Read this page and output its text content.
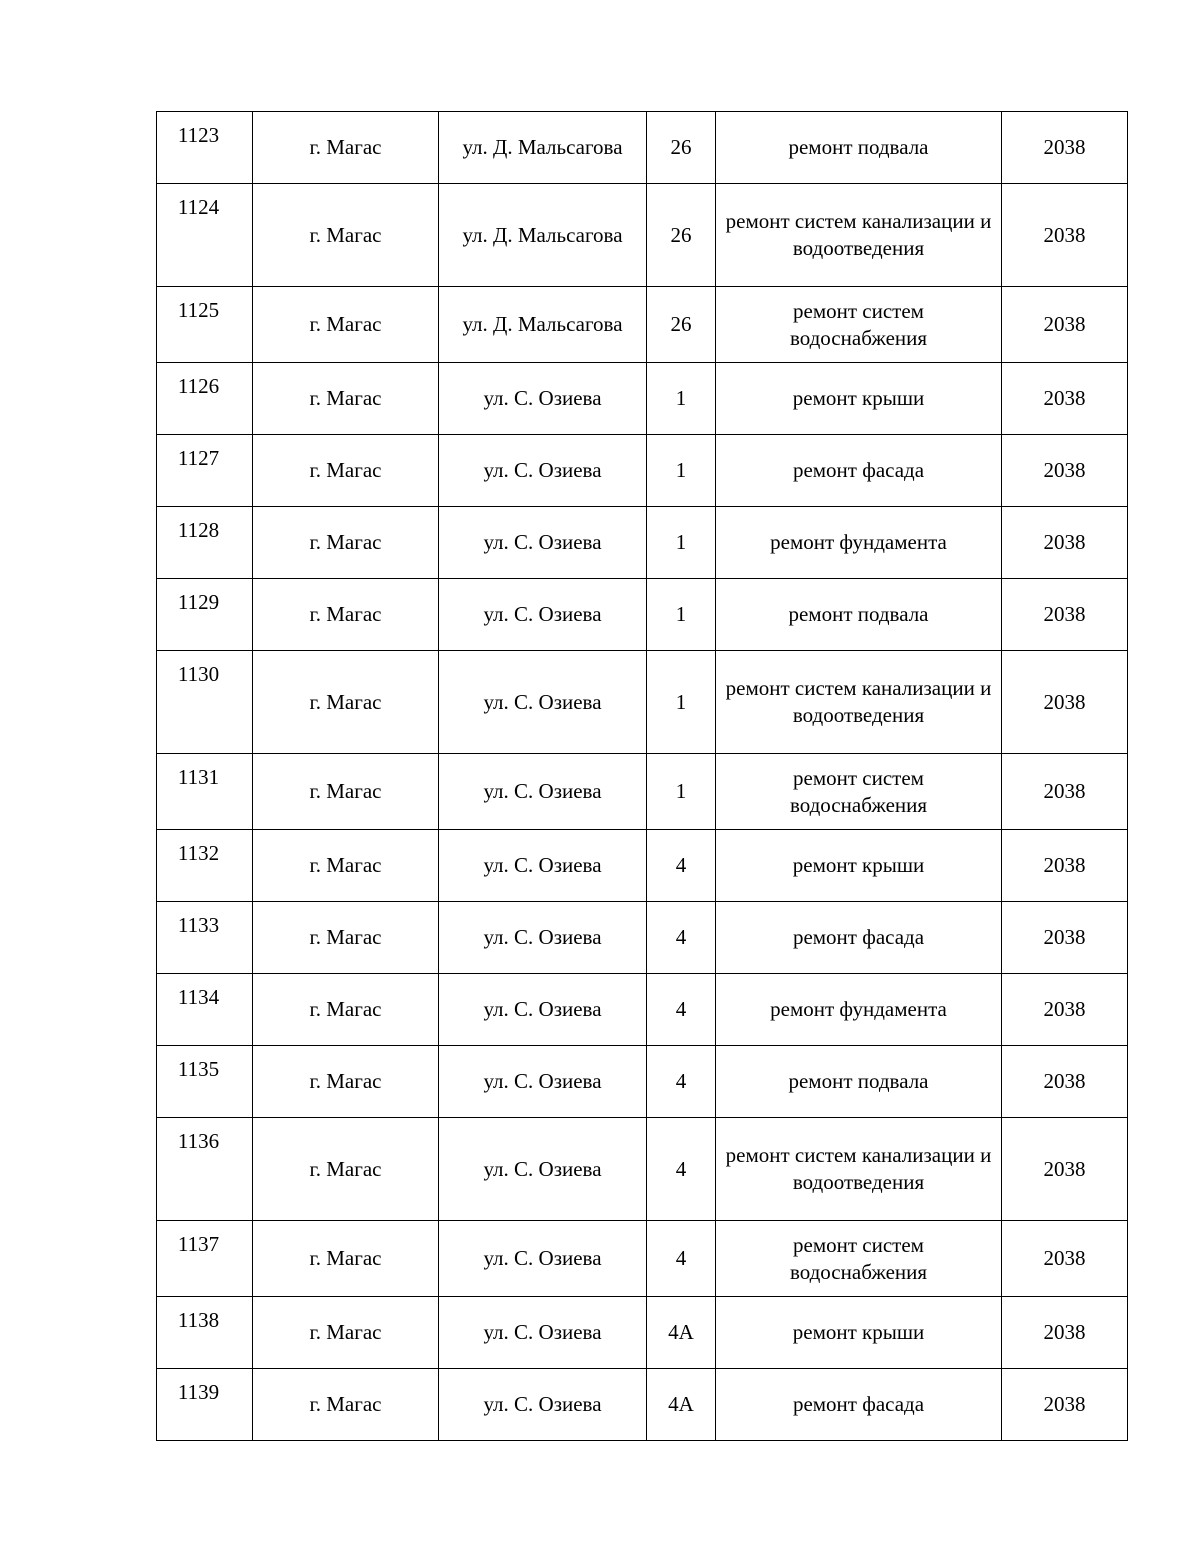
1123	г. Магас	ул. Д. Мальсагова	26	ремонт подвала	2038
1124	г. Магас	ул. Д. Мальсагова	26	ремонт систем канализации и водоотведения	2038
1125	г. Магас	ул. Д. Мальсагова	26	ремонт систем водоснабжения	2038
1126	г. Магас	ул. С. Озиева	1	ремонт крыши	2038
1127	г. Магас	ул. С. Озиева	1	ремонт фасада	2038
1128	г. Магас	ул. С. Озиева	1	ремонт фундамента	2038
1129	г. Магас	ул. С. Озиева	1	ремонт подвала	2038
1130	г. Магас	ул. С. Озиева	1	ремонт систем канализации и водоотведения	2038
1131	г. Магас	ул. С. Озиева	1	ремонт систем водоснабжения	2038
1132	г. Магас	ул. С. Озиева	4	ремонт крыши	2038
1133	г. Магас	ул. С. Озиева	4	ремонт фасада	2038
1134	г. Магас	ул. С. Озиева	4	ремонт фундамента	2038
1135	г. Магас	ул. С. Озиева	4	ремонт подвала	2038
1136	г. Магас	ул. С. Озиева	4	ремонт систем канализации и водоотведения	2038
1137	г. Магас	ул. С. Озиева	4	ремонт систем водоснабжения	2038
1138	г. Магас	ул. С. Озиева	4А	ремонт крыши	2038
1139	г. Магас	ул. С. Озиева	4А	ремонт фасада	2038
